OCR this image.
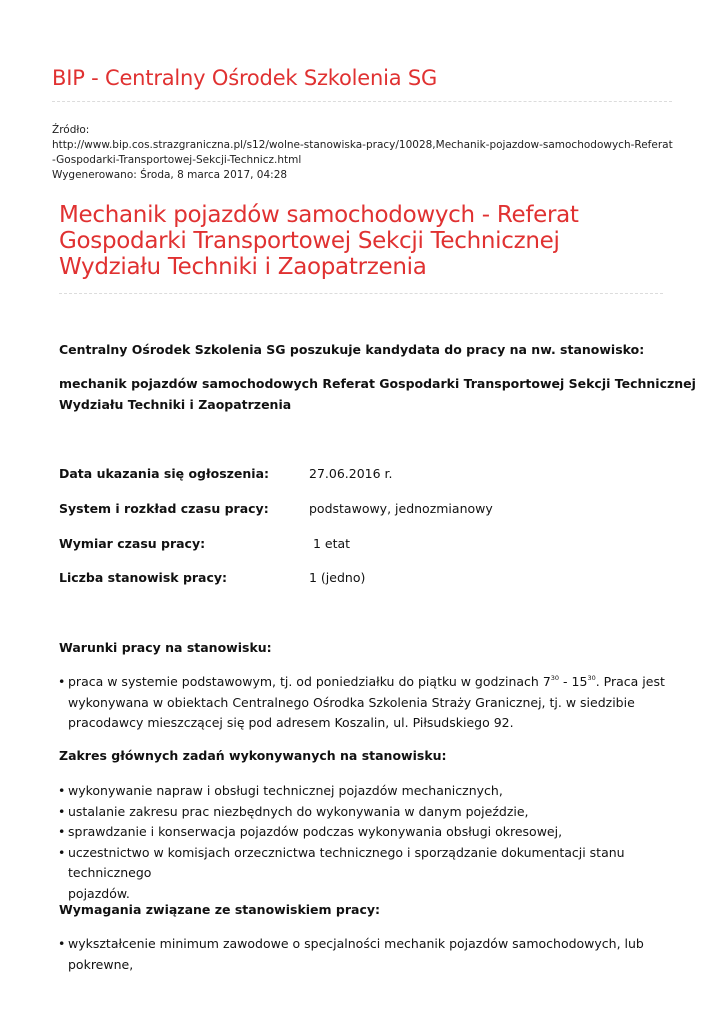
BIP - Centralny Ośrodek Szkolenia SG
Źródło:
http://www.bip.cos.strazgraniczna.pl/s12/wolne-stanowiska-pracy/10028,Mechanik-pojazdow-samochodowych-Referat
-Gospodarki-Transportowej-Sekcji-Technicz.html
Wygenerowano: Środa, 8 marca 2017, 04:28
Mechanik pojazdów samochodowych - Referat
Gospodarki Transportowej Sekcji Technicznej
Wydziału Techniki i Zaopatrzenia
Centralny Ośrodek Szkolenia SG poszukuje kandydata do pracy na nw. stanowisko:
mechanik pojazdów samochodowych Referat Gospodarki Transportowej Sekcji Technicznej
Wydziału Techniki i Zaopatrzenia
Data ukazania się ogłoszenia:	27.06.2016 r.
System i rozkład czasu pracy:	podstawowy, jednozmianowy
Wymiar czasu pracy:	1 etat
Liczba stanowisk pracy:	1 (jedno)
Warunki pracy na stanowisku:
• praca w systemie podstawowym, tj. od poniedziałku do piątku w godzinach $7^{30} - 15^{30}$. Praca jest
wykonywana w obiektach Centralnego Ośrodka Szkolenia Straży Granicznej, tj. w siedzibie
pracodawcy mieszczącej się pod adresem Koszalin, ul. Piłsudskiego 92.
Zakres głównych zadań wykonywanych na stanowisku:
• wykonywanie napraw i obsługi technicznej pojazdów mechanicznych,
• ustalanie zakresu prac niezbędnych do wykonywania w danym pojeździe,
• sprawdzanie i konserwacja pojazdów podczas wykonywania obsługi okresowej,
• uczestnictwo w komisjach orzecznictwa technicznego i sporządzanie dokumentacji stanu technicznego
pojazdów.
Wymagania związane ze stanowiskiem pracy:
• wykształcenie minimum zawodowe o specjalności mechanik pojazdów samochodowych, lub pokrewne,
